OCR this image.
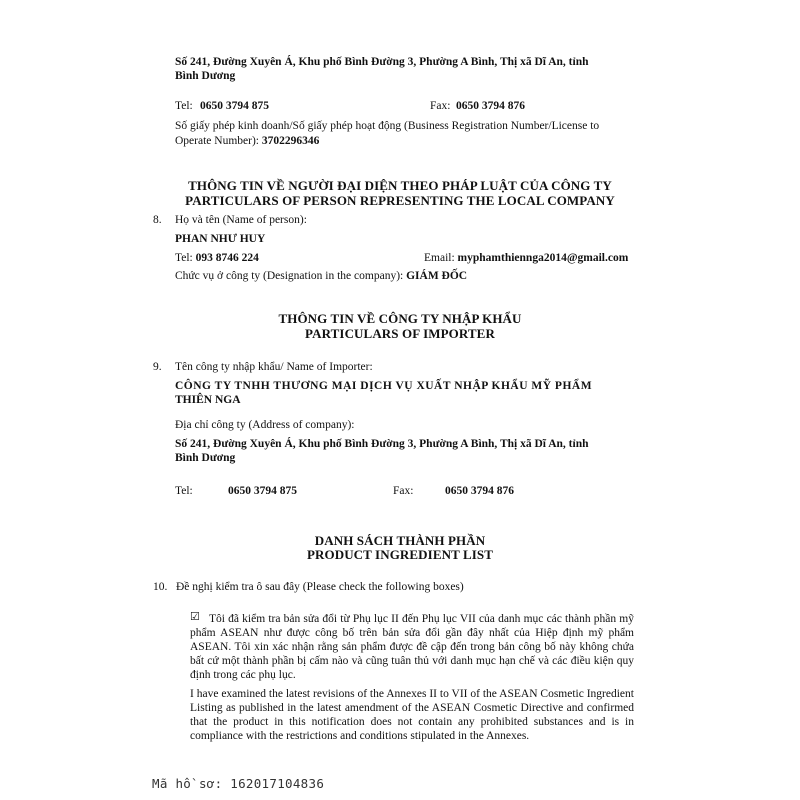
Số 241, Đường Xuyên Á, Khu phố Bình Đường 3, Phường A Bình, Thị xã Dĩ An, tỉnh
Bình Dương
Tel: 0650 3794 875	Fax: 0650 3794 876
Số giấy phép kinh doanh/Số giấy phép hoạt động (Business Registration Number/License to
Operate Number): 3702296346
THÔNG TIN VỀ NGƯỜI ĐẠI DIỆN THEO PHÁP LUẬT CỦA CÔNG TY
PARTICULARS OF PERSON REPRESENTING THE LOCAL COMPANY
8. Họ và tên (Name of person):
PHAN NHƯ HUY
Tel: 093 8746 224	Email: myphamthiennga2014@gmail.com
Chức vụ ở công ty (Designation in the company): GIÁM ĐỐC
THÔNG TIN VỀ CÔNG TY NHẬP KHẨU
PARTICULARS OF IMPORTER
9. Tên công ty nhập khẩu/ Name of Importer:
CÔNG TY TNHH THƯƠNG MẠI DỊCH VỤ XUẤT NHẬP KHẨU MỸ PHẨM
THIÊN NGA
Địa chỉ công ty (Address of company):
Số 241, Đường Xuyên Á, Khu phố Bình Đường 3, Phường A Bình, Thị xã Dĩ An, tỉnh
Bình Dương
Tel:	0650 3794 875	Fax:	0650 3794 876
DANH SÁCH THÀNH PHẦN
PRODUCT INGREDIENT LIST
10. Đề nghị kiểm tra ô sau đây (Please check the following boxes)
☑ Tôi đã kiểm tra bản sửa đổi từ Phụ lục II đến Phụ lục VII của danh mục các thành phần mỹ phẩm ASEAN như được công bố trên bản sửa đổi gần đây nhất của Hiệp định mỹ phẩm ASEAN. Tôi xin xác nhận rằng sản phẩm được đề cập đến trong bản công bố này không chứa bất cứ một thành phần bị cấm nào và cũng tuân thủ với danh mục hạn chế và các điều kiện quy định trong các phụ lục.
I have examined the latest revisions of the Annexes II to VII of the ASEAN Cosmetic Ingredient Listing as published in the latest amendment of the ASEAN Cosmetic Directive and confirmed that the product in this notification does not contain any prohibited substances and is in compliance with the restrictions and conditions stipulated in the Annexes.
Mã hồ sơ: 162017104836
